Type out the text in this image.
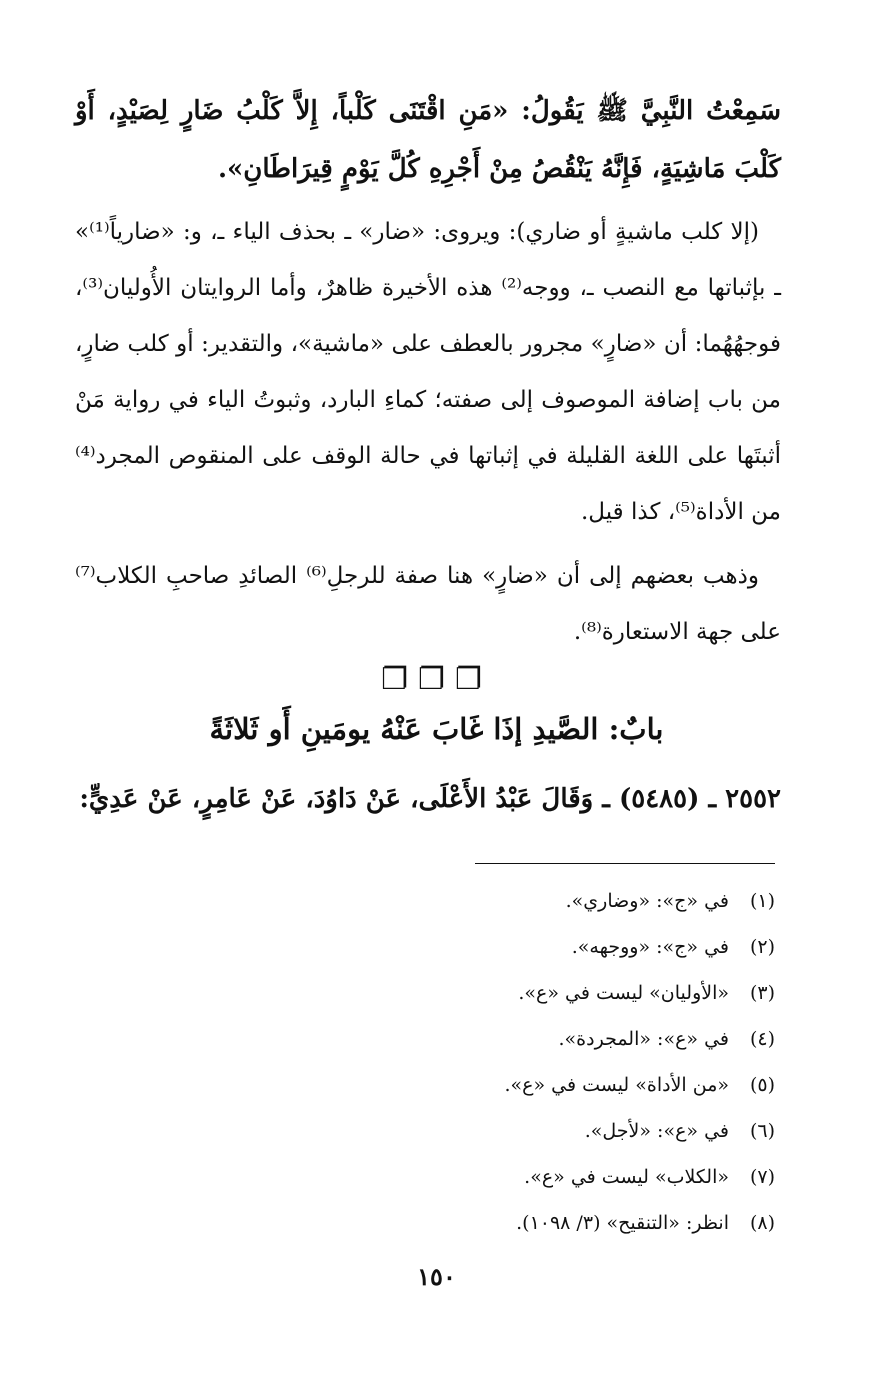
سَمِعْتُ النَّبِيَّ ﷺ يَقُولُ: «مَنِ اقْتَنَى كَلْباً، إِلاَّ كَلْبُ ضَارٍ لِصَيْدٍ، أَوْ كَلْبَ مَاشِيَةٍ، فَإِنَّهُ يَنْقُصُ مِنْ أَجْرِهِ كُلَّ يَوْمٍ قِيرَاطَانِ».

(إلا كلب ماشيةٍ أو ضاري): ويروى: «ضار» ـ بحذف الياء ـ، و: «ضارياً⁽¹⁾» ـ بإثباتها مع النصب ـ، ووجه⁽²⁾ هذه الأخيرة ظاهرٌ، وأما الروايتان الأُوليان⁽³⁾، فوجهُهُما: أن «ضارٍ» مجرور بالعطف على «ماشية»، والتقدير: أو كلب ضارٍ، من باب إضافة الموصوف إلى صفته؛ كماءِ البارد، وثبوتُ الياء في رواية مَنْ أثبتَها على اللغة القليلة في إثباتها في حالة الوقف على المنقوص المجرد⁽⁴⁾ من الأداة⁽⁵⁾، كذا قيل.

وذهب بعضهم إلى أن «ضارٍ» هنا صفة للرجلِ⁽⁶⁾ الصائدِ صاحبِ الكلاب⁽⁷⁾ على جهة الاستعارة⁽⁸⁾.

❐❐❐
بابٌ: الصَّيدِ إذَا غَابَ عَنْهُ يومَينِ أَو ثَلاثَةً
٢٥٥٢ ـ (٥٤٨٥) ـ وَقَالَ عَبْدُ الأَعْلَى، عَنْ دَاوُدَ، عَنْ عَامِرٍ، عَنْ عَدِيٍّ:
(١)في «ج»: «وضاري».
(٢)في «ج»: «ووجهه».
(٣)«الأوليان» ليست في «ع».
(٤)في «ع»: «المجردة».
(٥)«من الأداة» ليست في «ع».
(٦)في «ع»: «لأجل».
(٧)«الكلاب» ليست في «ع».
(٨)انظر: «التنقيح» (٣/ ١٠٩٨).
١٥٠
